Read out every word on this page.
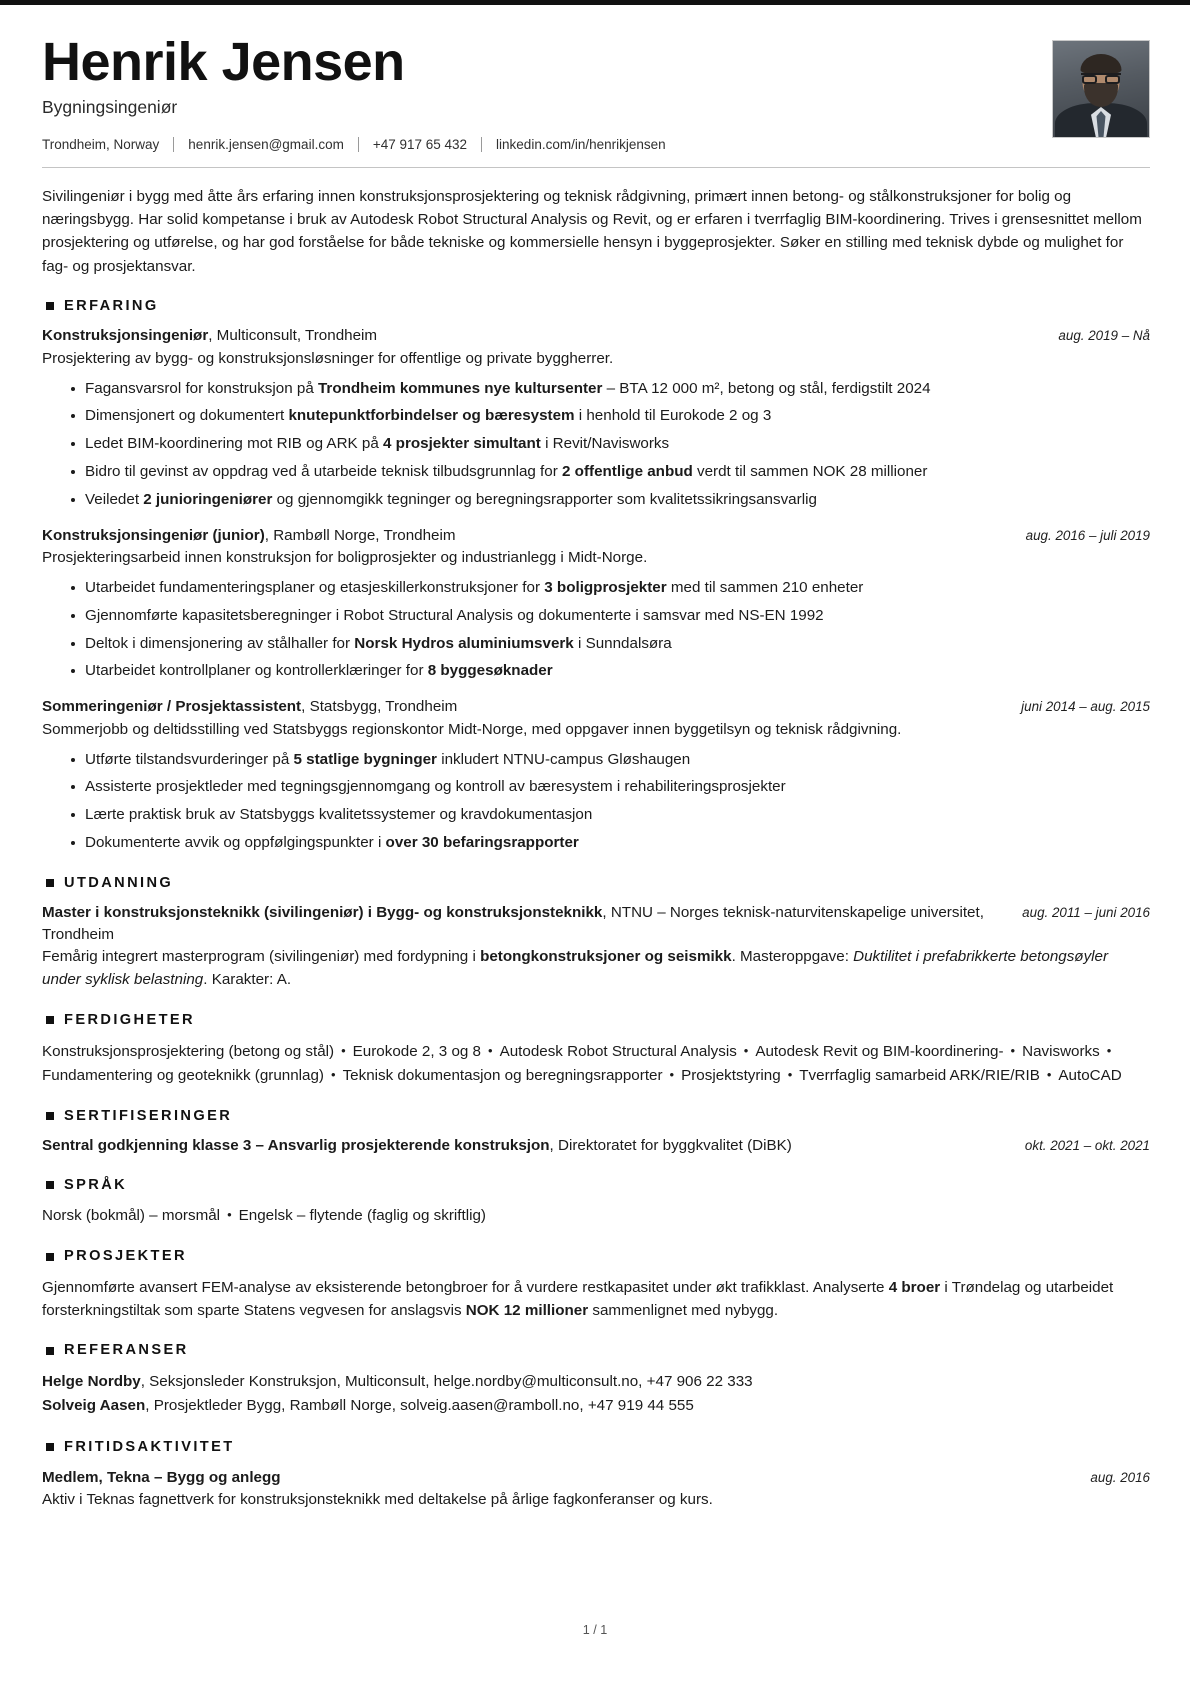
Henrik Jensen
Bygningsingeniør
Trondheim, Norway henrik.jensen@gmail.com +47 917 65 432 linkedin.com/in/henrikjensen

Sivilingeniør i bygg med åtte års erfaring innen konstruksjonsprosjektering og teknisk rådgivning, primært innen betong- og stålkonstruksjoner for bolig og næringsbygg. Har solid kompetanse i bruk av Autodesk Robot Structural Analysis og Revit, og er erfaren i tverrfaglig BIM-koordinering. Trives i grensesnittet mellom prosjektering og utførelse, og har god forståelse for både tekniske og kommersielle hensyn i byggeprosjekter. Søker en stilling med teknisk dybde og mulighet for fag- og prosjektansvar.

ERFARING
Konstruksjonsingeniør, Multiconsult, Trondheim	aug. 2019 – Nå
Prosjektering av bygg- og konstruksjonsløsninger for offentlige og private byggherrer.
Fagansvarsrol for konstruksjon på Trondheim kommunes nye kultursenter – BTA 12 000 m², betong og stål, ferdigstilt 2024
Dimensjonert og dokumentert knutepunktforbindelser og bæresystem i henhold til Eurokode 2 og 3
Ledet BIM-koordinering mot RIB og ARK på 4 prosjekter simultant i Revit/Navisworks
Bidro til gevinst av oppdrag ved å utarbeide teknisk tilbudsgrunnlag for 2 offentlige anbud verdt til sammen NOK 28 millioner
Veiledet 2 junioringeniører og gjennomgikk tegninger og beregningsrapporter som kvalitetssikringsansvarlig
Konstruksjonsingeniør (junior), Rambøll Norge, Trondheim	aug. 2016 – juli 2019
Prosjekteringsarbeid innen konstruksjon for boligprosjekter og industrianlegg i Midt-Norge.
Utarbeidet fundamenteringsplaner og etasjeskillerkonstruksjoner for 3 boligprosjekter med til sammen 210 enheter
Gjennomførte kapasitetsberegninger i Robot Structural Analysis og dokumenterte i samsvar med NS-EN 1992
Deltok i dimensjonering av stålhaller for Norsk Hydros aluminiumsverk i Sunndalsøra
Utarbeidet kontrollplaner og kontrollerklæringer for 8 byggesøknader
Sommeringeniør / Prosjektassistent, Statsbygg, Trondheim	juni 2014 – aug. 2015
Sommerjobb og deltidsstilling ved Statsbyggs regionskontor Midt-Norge, med oppgaver innen byggetilsyn og teknisk rådgivning.
Utførte tilstandsvurderinger på 5 statlige bygninger inkludert NTNU-campus Gløshaugen
Assisterte prosjektleder med tegningsgjennomgang og kontroll av bæresystem i rehabiliteringsprosjekter
Lærte praktisk bruk av Statsbyggs kvalitetssystemer og kravdokumentasjon
Dokumenterte avvik og oppfølgingspunkter i over 30 befaringsrapporter
UTDANNING
Master i konstruksjonsteknikk (sivilingeniør) i Bygg- og konstruksjonsteknikk, NTNU – Norges teknisk-naturvitenskapelige universitet, Trondheim
aug. 2011 – juni 2016
Femårig integrert masterprogram (sivilingeniør) med fordypning i betongkonstruksjoner og seismikk. Masteroppgave: Duktilitet i prefabrikkerte betongsøyler under syklisk belastning. Karakter: A.
FERDIGHETER
Konstruksjonsprosjektering (betong og stål) • Eurokode 2, 3 og 8 • Autodesk Robot Structural Analysis • Autodesk Revit og BIM-koordinering- • Navisworks •Fundamentering og geoteknikk (grunnlag) • Teknisk dokumentasjon og beregningsrapporter • Prosjektstyring • Tverrfaglig samarbeid ARK/RIE/RIB • AutoCAD
SERTIFISERINGER
Sentral godkjenning klasse 3 – Ansvarlig prosjekterende konstruksjon, Direktoratet for byggkvalitet (DiBK)	okt. 2021 – okt. 2021
SPRÅK
Norsk (bokmål) – morsmål • Engelsk – flytende (faglig og skriftlig)
PROSJEKTER
Gjennomførte avansert FEM-analyse av eksisterende betongbroer for å vurdere restkapasitet under økt trafikklast. Analyserte 4 broer i Trøndelag og utarbeidet forsterkningstiltak som sparte Statens vegvesen for anslagsvis NOK 12 millioner sammenlignet med nybygg.
REFERANSER
Helge Nordby, Seksjonsleder Konstruksjon, Multiconsult, helge.nordby@multiconsult.no, +47 906 22 333
Solveig Aasen, Prosjektleder Bygg, Rambøll Norge, solveig.aasen@ramboll.no, +47 919 44 555
FRITIDSAKTIVITET
Medlem, Tekna – Bygg og anlegg	aug. 2016
Aktiv i Teknas fagnettverk for konstruksjonsteknikk med deltakelse på årlige fagkonferanser og kurs.
1 / 1
